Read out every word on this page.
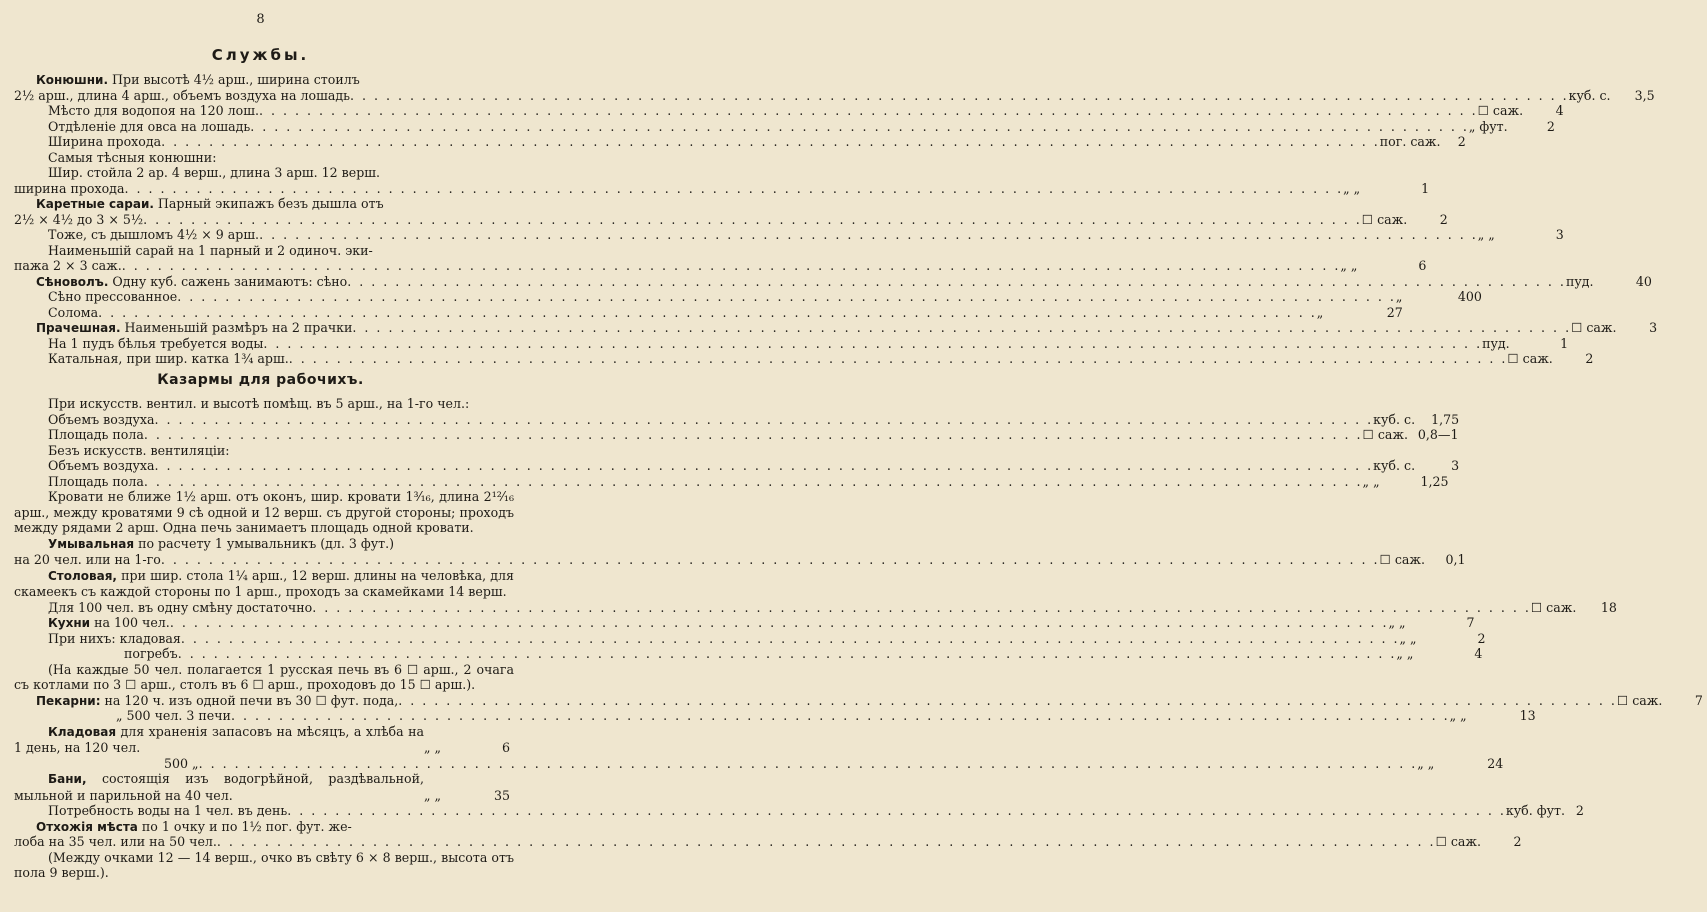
8
Службы.
Конюшни. При высотѣ 4½ арш., ширина стоилъ
2½ арш., длина 4 арш., объемъ воздуха на лошадь . . .	куб. с.	3,5
Мѣсто для водопоя на 120 лош. . . .	☐ саж.	4
Отдѣленіе для овса на лошадь . . .	„ фут.	2
Ширина прохода . . .	пог. саж.	2
Самыя тѣсныя конюшни:
Шир. стойла 2 ар. 4 верш., длина 3 арш. 12 верш.
ширина прохода . . .	„ „	1
Каретные сараи. Парный экипажъ безъ дышла отъ
2½ × 4½ до 3 × 5½ . . .	☐ саж.	2
Тоже, съ дышломъ 4½ × 9 арш. . . .	„ „	3
Наименьшій сарай на 1 парный и 2 одиноч. эки-
пажа 2 × 3 саж. . . .	„ „	6
Сѣноволъ. Одну куб. сажень занимаютъ: сѣно . . .	пуд.	40
Сѣно прессованное . . .	„	400
Солома . . .	„	27
Прачешная. Наименьшій размѣръ на 2 прачки . . .	☐ саж.	3
На 1 пудъ бѣлья требуется воды . . .	пуд.	1
Катальная, при шир. катка 1¾ арш. . . .	☐ саж.	2
Казармы для рабочихъ.
При искусств. вентил. и высотѣ помѣщ. въ 5 арш., на 1-го чел.:
Объемъ воздуха . . .	куб. с.	1,75
Площадь пола . . .	☐ саж. 0,8—1
Безъ искусств. вентиляціи:
Объемъ воздуха . . .	куб. с.	3
Площадь пола . . .	„ „	1,25
Кровати не ближе 1½ арш. отъ оконъ, шир. кровати 1³⁄₁₆, длина 2¹²⁄₁₆ арш., между кроватями 9 сѣ одной и 12 верш. съ другой стороны; проходъ между рядами 2 арш. Одна печь занимаетъ площадь одной кровати.
Умывальная по расчету 1 умывальникъ (дл. 3 фут.)
на 20 чел. или на 1-го . . .	☐ саж.	0,1
Столовая, при шир. стола 1¼ арш., 12 верш. длины на человѣка, для скамеекъ съ каждой стороны по 1 арш., проходъ за скамейками 14 верш.
Для 100 чел. въ одну смѣну достаточно . . .	☐ саж.	18
Кухни на 100 чел. . . .	„ „	7
При нихъ: кладовая . . .	„ „	2
погребъ . . .	„ „	4
(На каждые 50 чел. полагается 1 русская печь въ 6 ☐ арш., 2 очага съ котлами по 3 ☐ арш., столъ въ 6 ☐ арш., проходовъ до 15 ☐ арш.).
Пекарни: на 120 ч. изъ одной печи въ 30 ☐ фут. пода, . . .	☐ саж.	7
„ 500 чел. 3 печи . . .	„ „	13
Кладовая для храненія запасовъ на мѣсяцъ, а хлѣба на 1 день, на 120 чел.	„ „	6
500 „ . . .	„ „	24
Бани, состоящія изъ водогрѣйной, раздѣвальной, мыльной и парильной на 40 чел.	„ „	35
Потребность воды на 1 чел. въ день . . .	куб. фут. 2
Отхожія мѣста по 1 очку и по 1½ пог. фут. же-
лоба на 35 чел. или на 50 чел. . . .	☐ саж.	2
(Между очками 12 — 14 верш., очко въ свѣту 6 × 8 верш., высота отъ пола 9 верш.).
